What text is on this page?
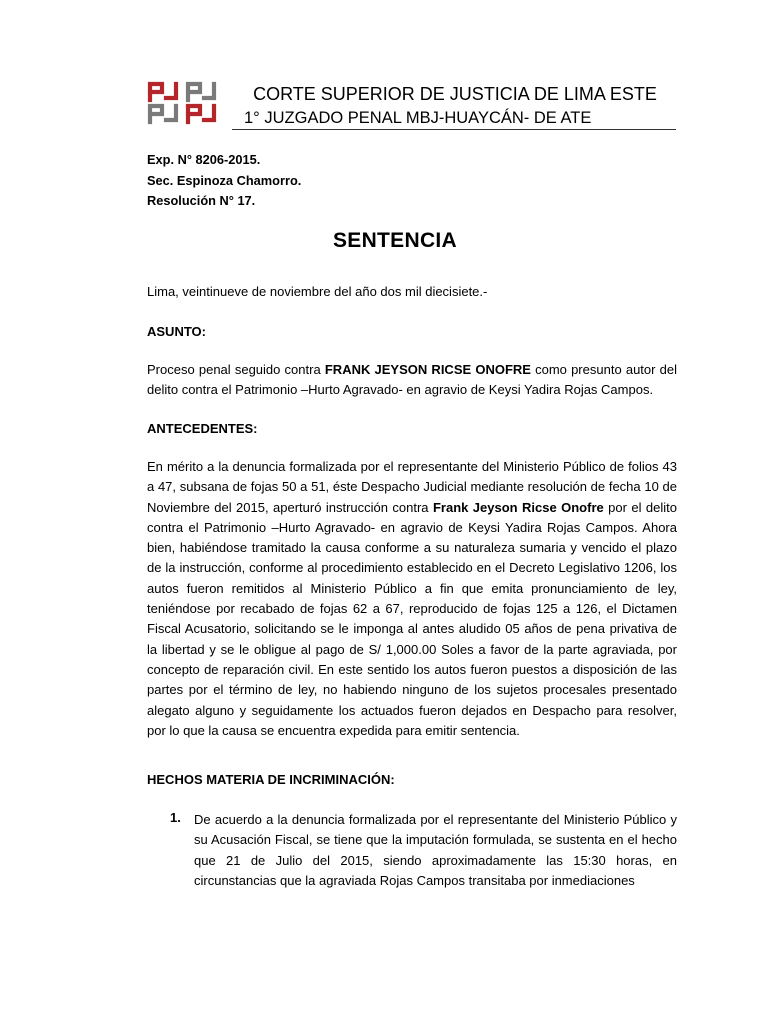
CORTE SUPERIOR DE JUSTICIA DE LIMA ESTE
1° JUZGADO PENAL MBJ-HUAYCÁN- DE ATE
Exp. N° 8206-2015.
Sec. Espinoza Chamorro.
Resolución N° 17.
SENTENCIA
Lima, veintinueve de noviembre del año dos mil diecisiete.-
ASUNTO:
Proceso penal seguido contra FRANK JEYSON RICSE ONOFRE como presunto autor del delito contra el Patrimonio –Hurto Agravado- en agravio de Keysi Yadira Rojas Campos.
ANTECEDENTES:
En mérito a la denuncia formalizada por el representante del Ministerio Público de folios 43 a 47, subsana de fojas 50 a 51, éste Despacho Judicial mediante resolución de fecha 10 de Noviembre del 2015, aperturó instrucción contra Frank Jeyson Ricse Onofre por el delito contra el Patrimonio –Hurto Agravado- en agravio de Keysi Yadira Rojas Campos. Ahora bien, habiéndose tramitado la causa conforme a su naturaleza sumaria y vencido el plazo de la instrucción, conforme al procedimiento establecido en el Decreto Legislativo 1206, los autos fueron remitidos al Ministerio Público a fin que emita pronunciamiento de ley, teniéndose por recabado de fojas 62 a 67, reproducido de fojas 125 a 126, el Dictamen Fiscal Acusatorio, solicitando se le imponga al antes aludido 05 años de pena privativa de la libertad y se le obligue al pago de S/ 1,000.00 Soles a favor de la parte agraviada, por concepto de reparación civil. En este sentido los autos fueron puestos a disposición de las partes por el término de ley, no habiendo ninguno de los sujetos procesales presentado alegato alguno y seguidamente los actuados fueron dejados en Despacho para resolver, por lo que la causa se encuentra expedida para emitir sentencia.
HECHOS MATERIA DE INCRIMINACIÓN:
1. De acuerdo a la denuncia formalizada por el representante del Ministerio Público y su Acusación Fiscal, se tiene que la imputación formulada, se sustenta en el hecho que 21 de Julio del 2015, siendo aproximadamente las 15:30 horas, en circunstancias que la agraviada Rojas Campos transitaba por inmediaciones
